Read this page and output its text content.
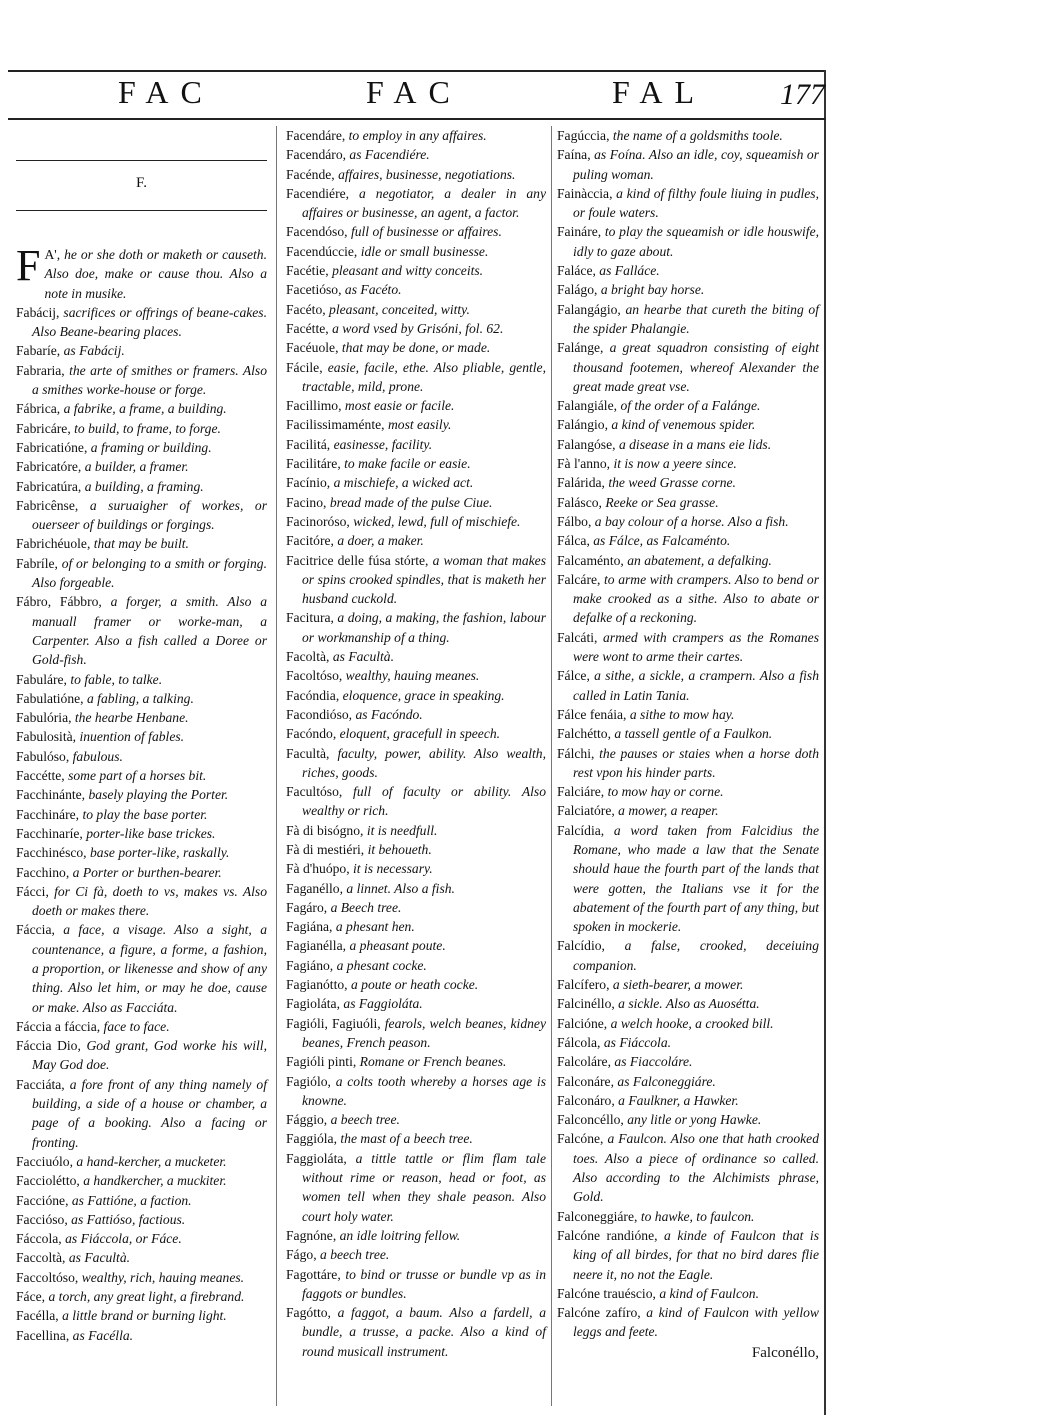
FAC	FAC	FAL 177
F.

F A', he or she doth or maketh or causeth. Also doe, make or cause thou. Also a note in musike.

Fabácij, sacrifices or offrings of beane-cakes. Also Beane-bearing places.

Fabaríe, as Fabácij.

Fabraria, the arte of smithes or framers. Also a smithes worke-house or forge.

Fábrica, a fabrike, a frame, a building.

Fabricáre, to build, to frame, to forge.

Fabricatióne, a framing or building.

Fabricatóre, a builder, a framer.

Fabricatúra, a building, a framing.

Fabricênse, a suruaigher of workes, or ouerseer of buildings or forgings.

Fabrichéuole, that may be built.

Fabríle, of or belonging to a smith or forging. Also forgeable.

Fábro, Fábbro, a forger, a smith. Also a manuall framer or worke-man, a Carpenter. Also a fish called a Doree or Gold-fish.

Fabuláre, to fable, to talke.

Fabulatióne, a fabling, a talking.

Fabulória, the hearbe Henbane.

Fabulosità, inuention of fables.

Fabulóso, fabulous.

Faccétte, some part of a horses bit.

Facchinánte, basely playing the Porter.

Facchináre, to play the base porter.

Facchinaríe, porter-like base trickes.

Facchinésco, base porter-like, raskally.

Facchino, a Porter or burthen-bearer.

Fácci, for Ci fà, doeth to vs, makes vs. Also doeth or makes there.

Fáccia, a face, a visage. Also a sight, a countenance, a figure, a forme, a fashion, a proportion, or likenesse and show of any thing. Also let him, or may he doe, cause or make. Also as Facciáta.

Fáccia a fáccia, face to face.

Fáccia Dio, God grant, God worke his will, May God doe.

Facciáta, a fore front of any thing namely of building, a side of a house or chamber, a page of a booking. Also a facing or fronting.

Facciuólo, a hand-kercher, a mucketer.

Facciolétto, a handkercher, a muckiter.

Faccióne, as Fattióne, a faction.

Faccióso, as Fattióso, factious.

Fáccola, as Fiáccola, or Fáce.

Faccoltà, as Facultà.

Faccoltóso, wealthy, rich, hauing meanes.

Fáce, a torch, any great light, a firebrand.

Facélla, a little brand or burning light.

Facellina, as Facélla.

Facendáre, to employ in any affaires.

Facendáro, as Facendiére.

Facénde, affaires, businesse, negotiations.

Facendiére, a negotiator, a dealer in any affaires or businesse, an agent, a factor.

Facendóso, full of businesse or affaires.

Facendúccie, idle or small businesse.

Facétie, pleasant and witty conceits.

Facetióso, as Facéto.

Facéto, pleasant, conceited, witty.

Facétte, a word vsed by Grisóni, fol. 62.

Facéuole, that may be done, or made.

Fácile, easie, facile, ethe. Also pliable, gentle, tractable, mild, prone.

Facillimo, most easie or facile.

Facilissimaménte, most easily.

Facilitá, easinesse, facility.

Facilitáre, to make facile or easie.

Facínio, a mischiefe, a wicked act.

Facino, bread made of the pulse Ciue.

Facinoróso, wicked, lewd, full of mischiefe.

Facitóre, a doer, a maker.

Facitrice delle fúsa stórte, a woman that makes or spins crooked spindles, that is maketh her husband cuckold.

Facitura, a doing, a making, the fashion, labour or workmanship of a thing.

Facoltà, as Facultà.

Facoltóso, wealthy, hauing meanes.

Facóndia, eloquence, grace in speaking.

Facondióso, as Facóndo.

Facóndo, eloquent, gracefull in speech.

Facultà, faculty, power, ability. Also wealth, riches, goods.

Facultóso, full of faculty or ability. Also wealthy or rich.

Fà di bisógno, it is needfull.

Fà di mestiéri, it behoueth.

Fà d'huópo, it is necessary.

Faganéllo, a linnet. Also a fish.

Fagáro, a Beech tree.

Fagiána, a phesant hen.

Fagianélla, a pheasant poute.

Fagiáno, a phesant cocke.

Fagianótto, a poute or heath cocke.

Fagioláta, as Faggioláta.

Fagióli, Fagiuóli, fearols, welch beanes, kidney beanes, French peason.

Fagióli pinti, Romane or French beanes.

Fagiólo, a colts tooth whereby a horses age is knowne.

Fággio, a beech tree.

Faggióla, the mast of a beech tree.

Faggioláta, a tittle tattle or flim flam tale without rime or reason, head or foot, as women tell when they shale peason. Also court holy water.

Fagnóne, an idle loitring fellow.

Fágo, a beech tree.

Fagottáre, to bind or trusse or bundle vp as in faggots or bundles.

Fagótto, a faggot, a baum. Also a fardell, a bundle, a trusse, a packe. Also a kind of round musicall instrument.

Fagúccia, the name of a goldsmiths toole.

Faína, as Foína. Also an idle, coy, squeamish or puling woman.

Fainàccia, a kind of filthy foule liuing in pudles, or foule waters.

Faináre, to play the squeamish or idle houswife, idly to gaze about.

Faláce, as Falláce.

Falágo, a bright bay horse.

Falangágio, an hearbe that cureth the biting of the spider Phalangie.

Falánge, a great squadron consisting of eight thousand footemen, whereof Alexander the great made great vse.

Falangiále, of the order of a Falánge.

Falángio, a kind of venemous spider.

Falangóse, a disease in a mans eie lids.

Fà l'anno, it is now a yeere since.

Falárida, the weed Grasse corne.

Falásco, Reeke or Sea grasse.

Fálbo, a bay colour of a horse. Also a fish.

Fálca, as Fálce, as Falcaménto.

Falcaménto, an abatement, a defalking.

Falcáre, to arme with crampers. Also to bend or make crooked as a sithe. Also to abate or defalke of a reckoning.

Falcáti, armed with crampers as the Romanes were wont to arme their cartes.

Fálce, a sithe, a sickle, a crampern. Also a fish called in Latin Tania.

Fálce fenáia, a sithe to mow hay.

Falchétto, a tassell gentle of a Faulkon.

Fálchi, the pauses or staies when a horse doth rest vpon his hinder parts.

Falciáre, to mow hay or corne.

Falciatóre, a mower, a reaper.

Falcídia, a word taken from Falcidius the Romane, who made a law that the Senate should haue the fourth part of the lands that were gotten, the Italians vse it for the abatement of the fourth part of any thing, but spoken in mockerie.

Falcídio, a false, crooked, deceiuing companion.

Falcífero, a sieth-bearer, a mower.

Falcinéllo, a sickle. Also as Auosétta.

Falcióne, a welch hooke, a crooked bill.

Fálcola, as Fiáccola.

Falcoláre, as Fiaccoláre.

Falconáre, as Falconeggiáre.

Falconáro, a Faulkner, a Hawker.

Falconcéllo, any litle or yong Hawke.

Falcóne, a Faulcon. Also one that hath crooked toes. Also a piece of ordinance so called. Also according to the Alchimists phrase, Gold.

Falconeggiáre, to hawke, to faulcon.

Falcóne randióne, a kinde of Faulcon that is king of all birdes, for that no bird dares flie neere it, no not the Eagle.

Falcóne trauéscio, a kind of Faulcon.

Falcóne zafíro, a kind of Faulcon with yellow leggs and feete.

Falconéllo,
